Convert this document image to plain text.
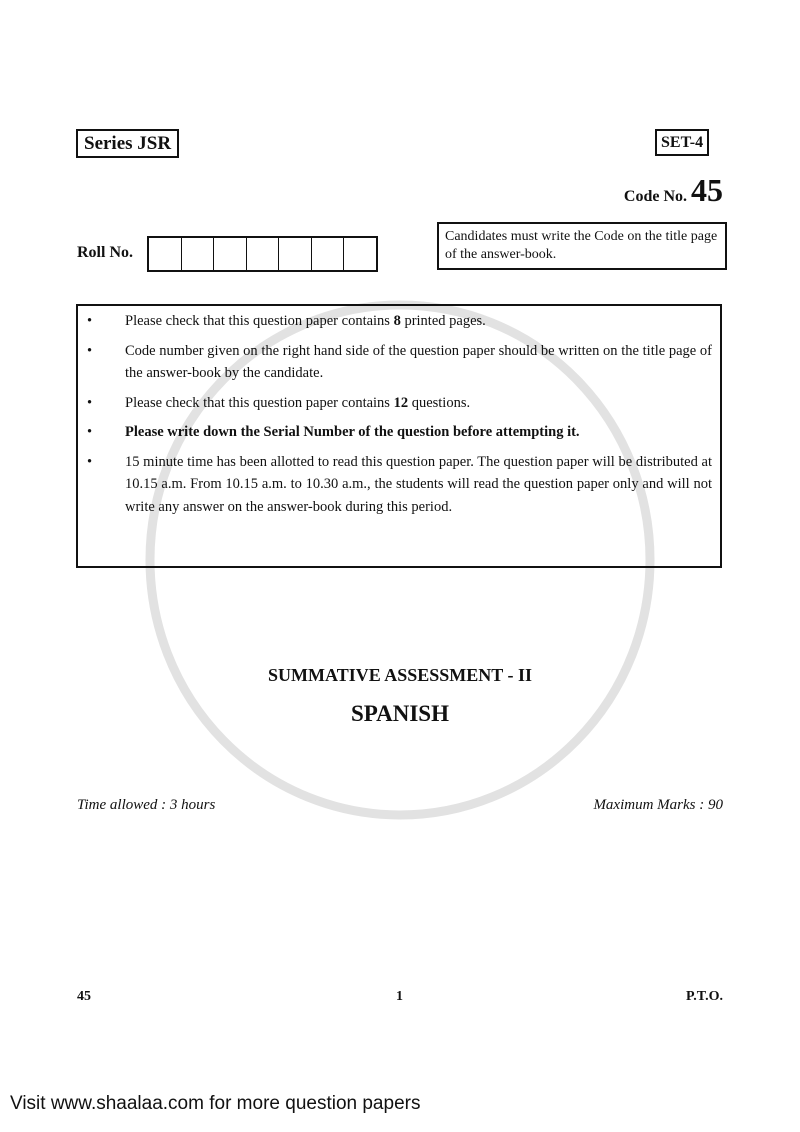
Series JSR	SET-4
Code No. 45
Roll No.
Candidates must write the Code on the title page of the answer-book.
• Please check that this question paper contains 8 printed pages.
• Code number given on the right hand side of the question paper should be written on the title page of the answer-book by the candidate.
• Please check that this question paper contains 12 questions.
• Please write down the Serial Number of the question before attempting it.
• 15 minute time has been allotted to read this question paper. The question paper will be distributed at 10.15 a.m. From 10.15 a.m. to 10.30 a.m., the students will read the question paper only and will not write any answer on the answer-book during this period.
SUMMATIVE ASSESSMENT - II
SPANISH
Time allowed : 3 hours	Maximum Marks : 90
45	1	P.T.O.
Visit www.shaalaa.com for more question papers
